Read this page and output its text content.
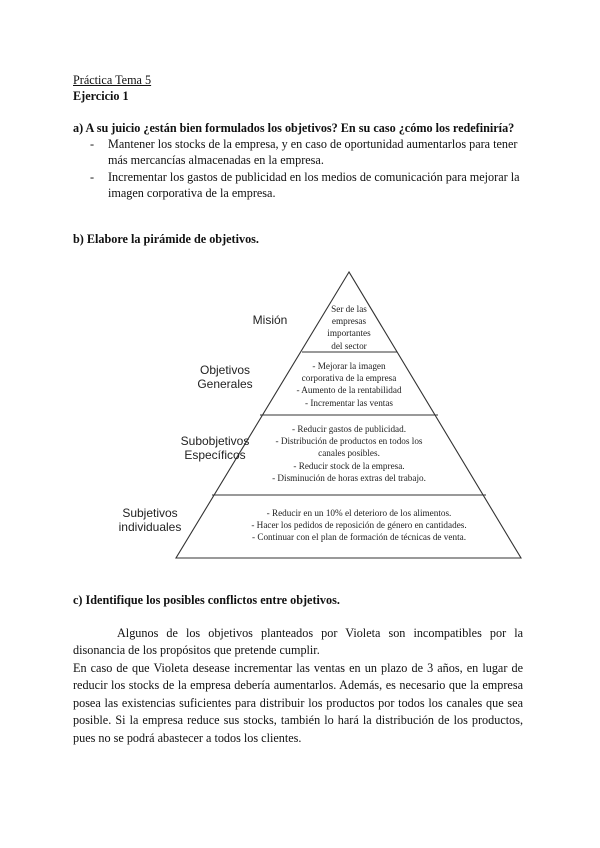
Práctica Tema 5
Ejercicio 1
a) A su juicio ¿están bien formulados los objetivos? En su caso ¿cómo los redefiniría?
- Mantener los stocks de la empresa, y en caso de oportunidad aumentarlos para tener
más mercancías almacenadas en la empresa.
- Incrementar los gastos de publicidad en los medios de comunicación para mejorar la
imagen corporativa de la empresa.
b) Elabore la pirámide de objetivos.
Misión
Objetivos
Generales
Subobjetivos
Específicos
Subjetivos
individuales
Ser de las
empresas
importantes
del sector
- Mejorar la imagen
corporativa de la empresa
- Aumento de la rentabilidad
- Incrementar las ventas
- Reducir gastos de publicidad.
- Distribución de productos en todos los
canales posibles.
- Reducir stock de la empresa.
- Disminución de horas extras del trabajo.
- Reducir en un 10% el deterioro de los alimentos.
- Hacer los pedidos de reposición de género en cantidades.
- Continuar con el plan de formación de técnicas de venta.
c) Identifique los posibles conflictos entre objetivos.
Algunos de los objetivos planteados por Violeta son incompatibles por la disonancia de los propósitos que pretende cumplir.
En caso de que Violeta desease incrementar las ventas en un plazo de 3 años, en lugar de reducir los stocks de la empresa debería aumentarlos. Además, es necesario que la empresa posea las existencias suficientes para distribuir los productos por todos los canales que sea posible. Si la empresa reduce sus stocks, también lo hará la distribución de los productos, pues no se podrá abastecer a todos los clientes.
